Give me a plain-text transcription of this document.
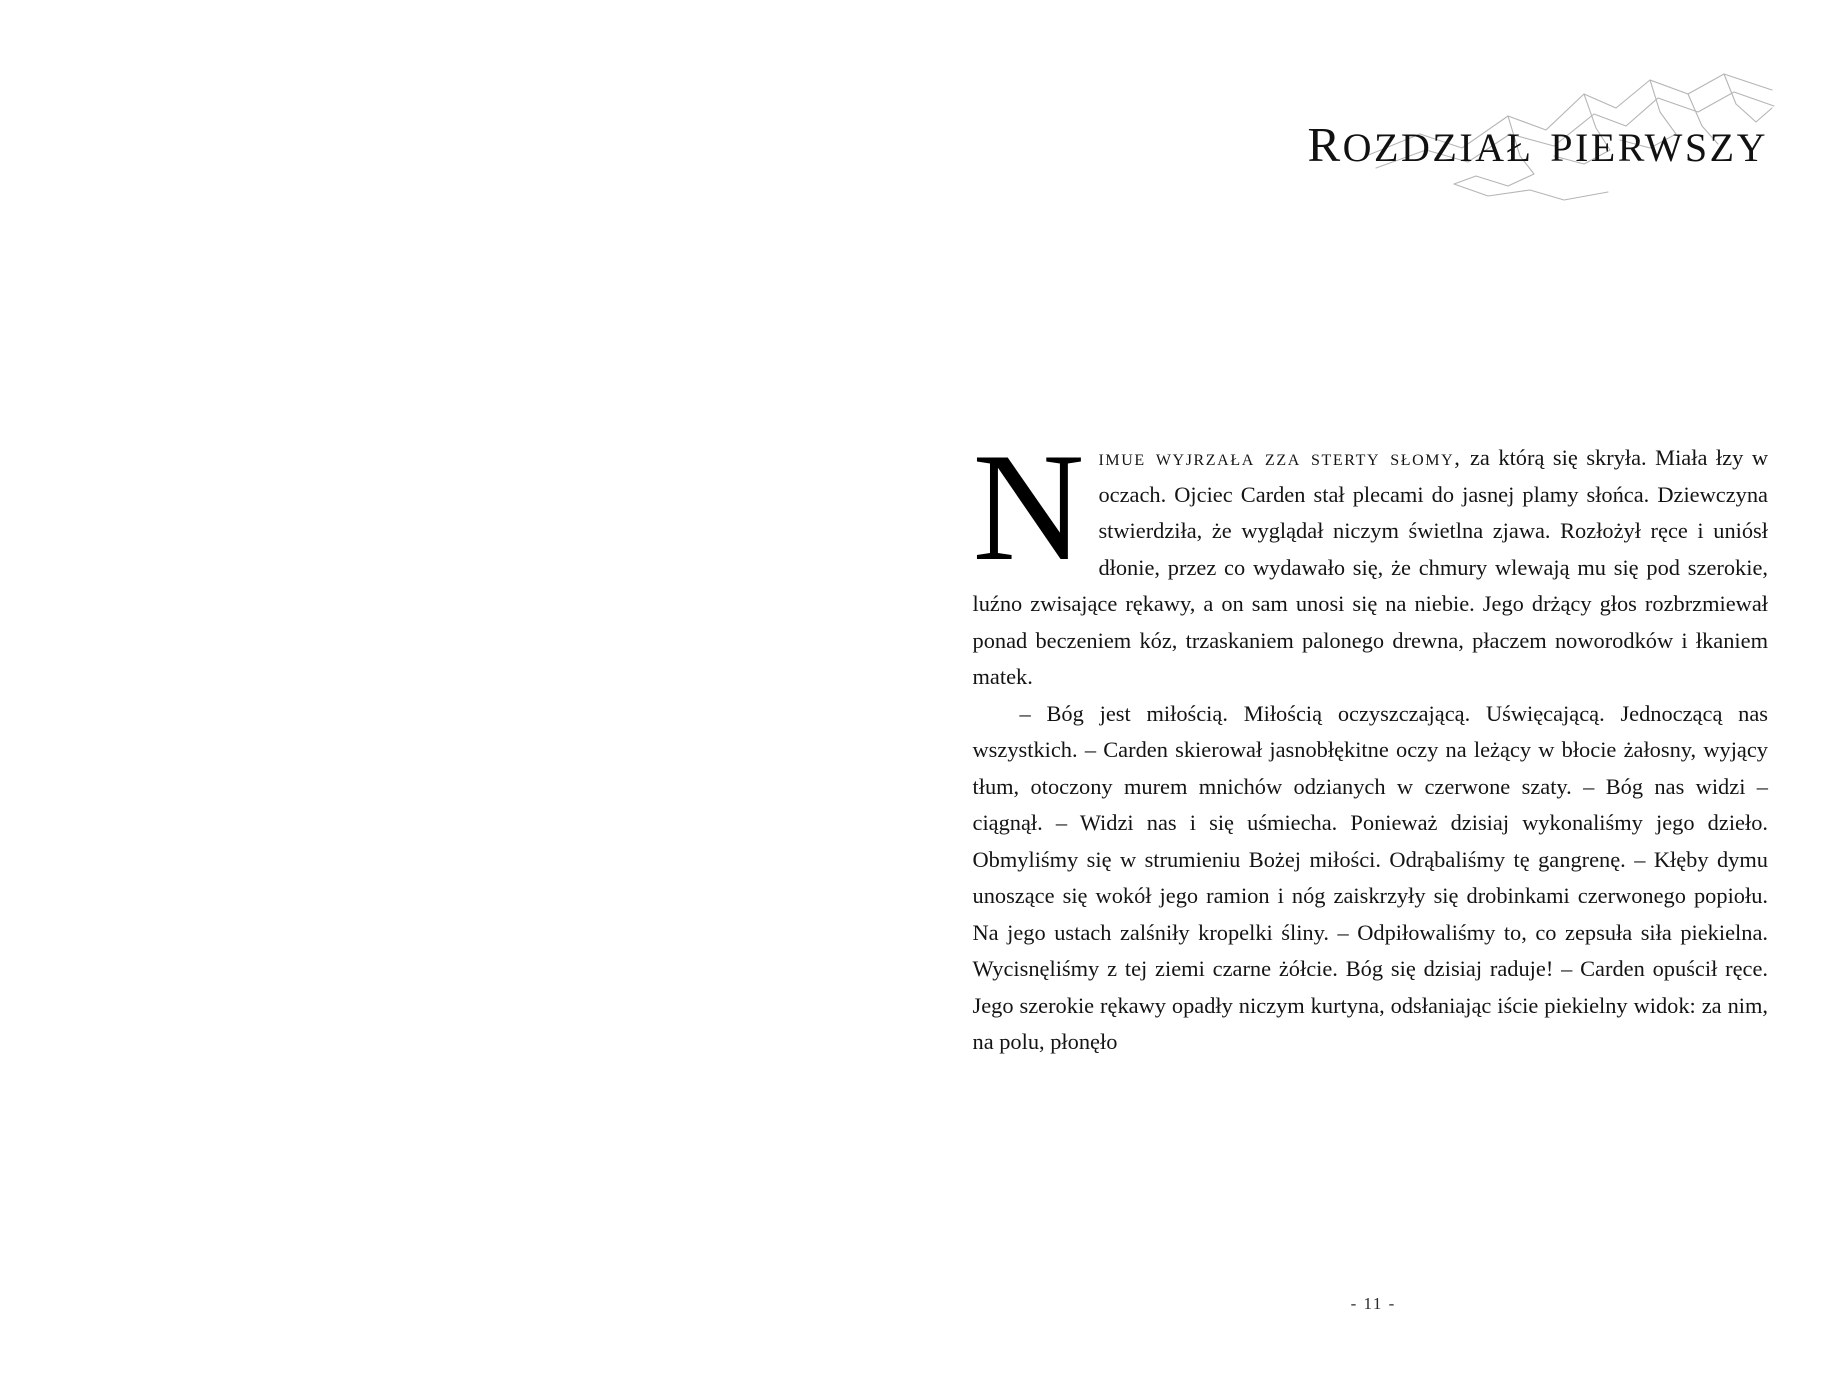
rozdział pierwszy

Nimue wyjrzała zza sterty słomy, za którą się skryła. Miała łzy w oczach. Ojciec Carden stał plecami do jasnej plamy słońca. Dziewczyna stwierdziła, że wyglądał niczym świetlna zjawa. Rozłożył ręce i uniósł dłonie, przez co wydawało się, że chmury wlewają mu się pod szerokie, luźno zwisające rękawy, a on sam unosi się na niebie. Jego drżący głos rozbrzmiewał ponad beczeniem kóz, trzaskaniem palonego drewna, płaczem noworodków i łkaniem matek.

– Bóg jest miłością. Miłością oczyszczającą. Uświęcającą. Jednoczącą nas wszystkich. – Carden skierował jasnobłękitne oczy na leżący w błocie żałosny, wyjący tłum, otoczony murem mnichów odzianych w czerwone szaty. – Bóg nas widzi – ciągnął. – Widzi nas i się uśmiecha. Ponieważ dzisiaj wykonaliśmy jego dzieło. Obmyliśmy się w strumieniu Bożej miłości. Odrąbaliśmy tę gangrenę. – Kłęby dymu unoszące się wokół jego ramion i nóg zaiskrzyły się drobinkami czerwonego popiołu. Na jego ustach zalśniły kropelki śliny. – Odpiłowaliśmy to, co zepsuła siła piekielna. Wycisnęliśmy z tej ziemi czarne żółcie. Bóg się dzisiaj raduje! – Carden opuścił ręce. Jego szerokie rękawy opadły niczym kurtyna, odsłaniając iście piekielny widok: za nim, na polu, płonęło

- 11 -
